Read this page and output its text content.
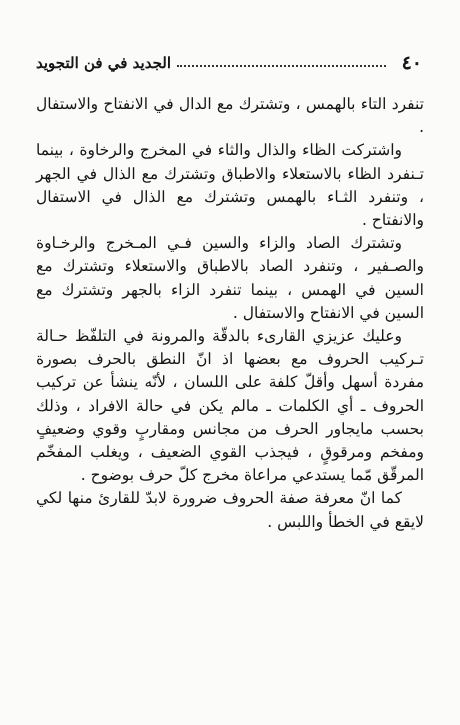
٤٠
الجديد في فن التجويد

تنفرد التاء بالهمس ، وتشترك مع الدال في الانفتاح والاستفال .

واشتركت الظاء والذال والثاء في المخرج والرخاوة ، بينما تـنفرد الظاء بالاستعلاء والاطباق وتشترك مع الذال في الجهر ، وتنفرد الثـاء بالهمس وتشترك مع الذال في الاستفال والانفتاح .

وتشترك الصاد والزاء والسين فـي المـخرج والرخـاوة والصـفير ، وتنفرد الصاد بالاطباق والاستعلاء وتشترك مع السين في الهمس ، بينما تنفرد الزاء بالجهر وتشترك مع السين في الانفتاح والاستفال .

وعليك عزيزي القارىء بالدقّة والمرونة في التلفّظ حـالة تـركيب الحروف مع بعضها اذ انّ النطق بالحرف بصورة مفردة أسهل وأقلّ كلفة على اللسان ، لأنّه ينشأ عن تركيب الحروف ـ أي الكلمات ـ مالم يكن في حالة الافراد ، وذلك بحسب مايجاور الحرف من مجانس ومقاربٍ وقوي وضعيفٍ ومفخم ومرقوقٍ ، فيجذب القوي الضعيف ، ويغلب المفخّم المرقّق مّما يستدعي مراعاة مخرج كلّ حرف بوضوح .

كما انّ معرفة صفة الحروف ضرورة لابدّ للقارئ منها لكي لايقع في الخطأ واللبس .
